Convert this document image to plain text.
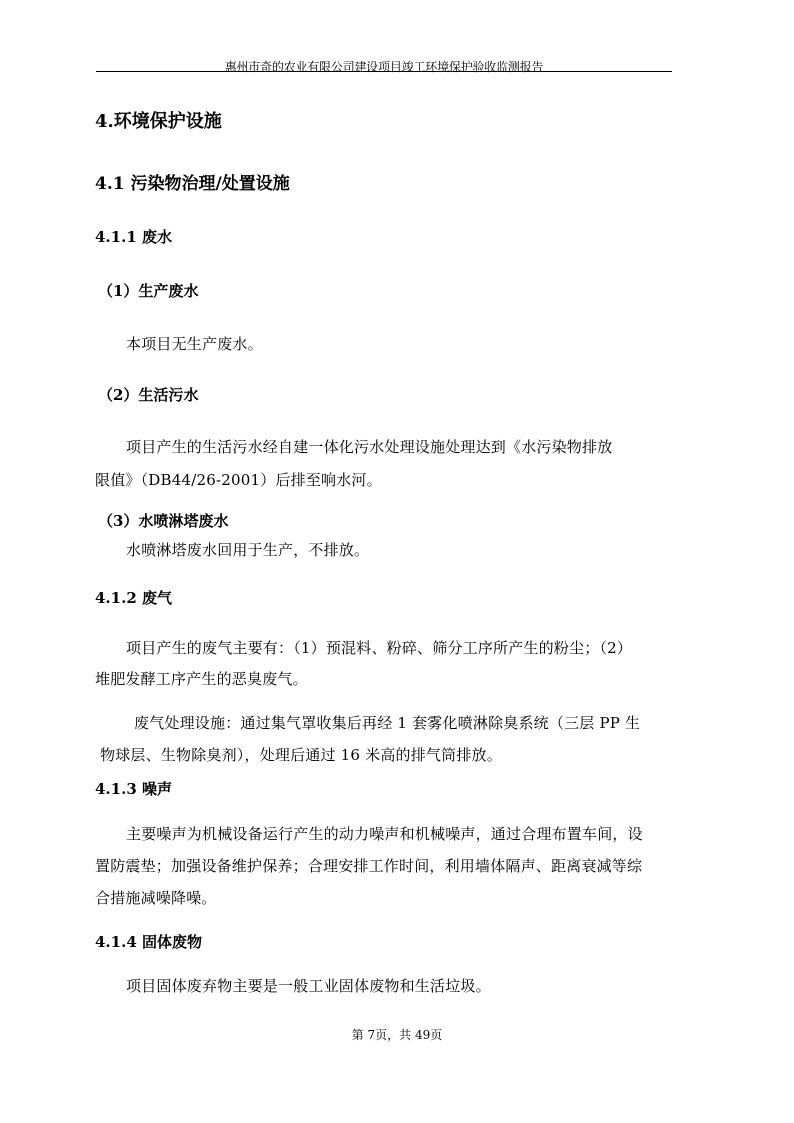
惠州市奇的农业有限公司建设项目竣工环境保护验收监测报告
4.环境保护设施
4.1 污染物治理/处置设施
4.1.1 废水
（1）生产废水
本项目无生产废水。
（2）生活污水
项目产生的生活污水经自建一体化污水处理设施处理达到《水污染物排放
限值》（DB44/26-2001）后排至响水河。
（3）水喷淋塔废水
水喷淋塔废水回用于生产，不排放。
4.1.2 废气
项目产生的废气主要有：（1）预混料、粉碎、筛分工序所产生的粉尘；（2）
堆肥发酵工序产生的恶臭废气。
废气处理设施：通过集气罩收集后再经 1 套雾化喷淋除臭系统（三层 PP 生
物球层、生物除臭剂），处理后通过 16 米高的排气筒排放。
4.1.3 噪声
主要噪声为机械设备运行产生的动力噪声和机械噪声，通过合理布置车间，设
置防震垫；加强设备维护保养；合理安排工作时间，利用墙体隔声、距离衰减等综
合措施减噪降噪。
4.1.4 固体废物
项目固体废弃物主要是一般工业固体废物和生活垃圾。
第 7页，共 49页
